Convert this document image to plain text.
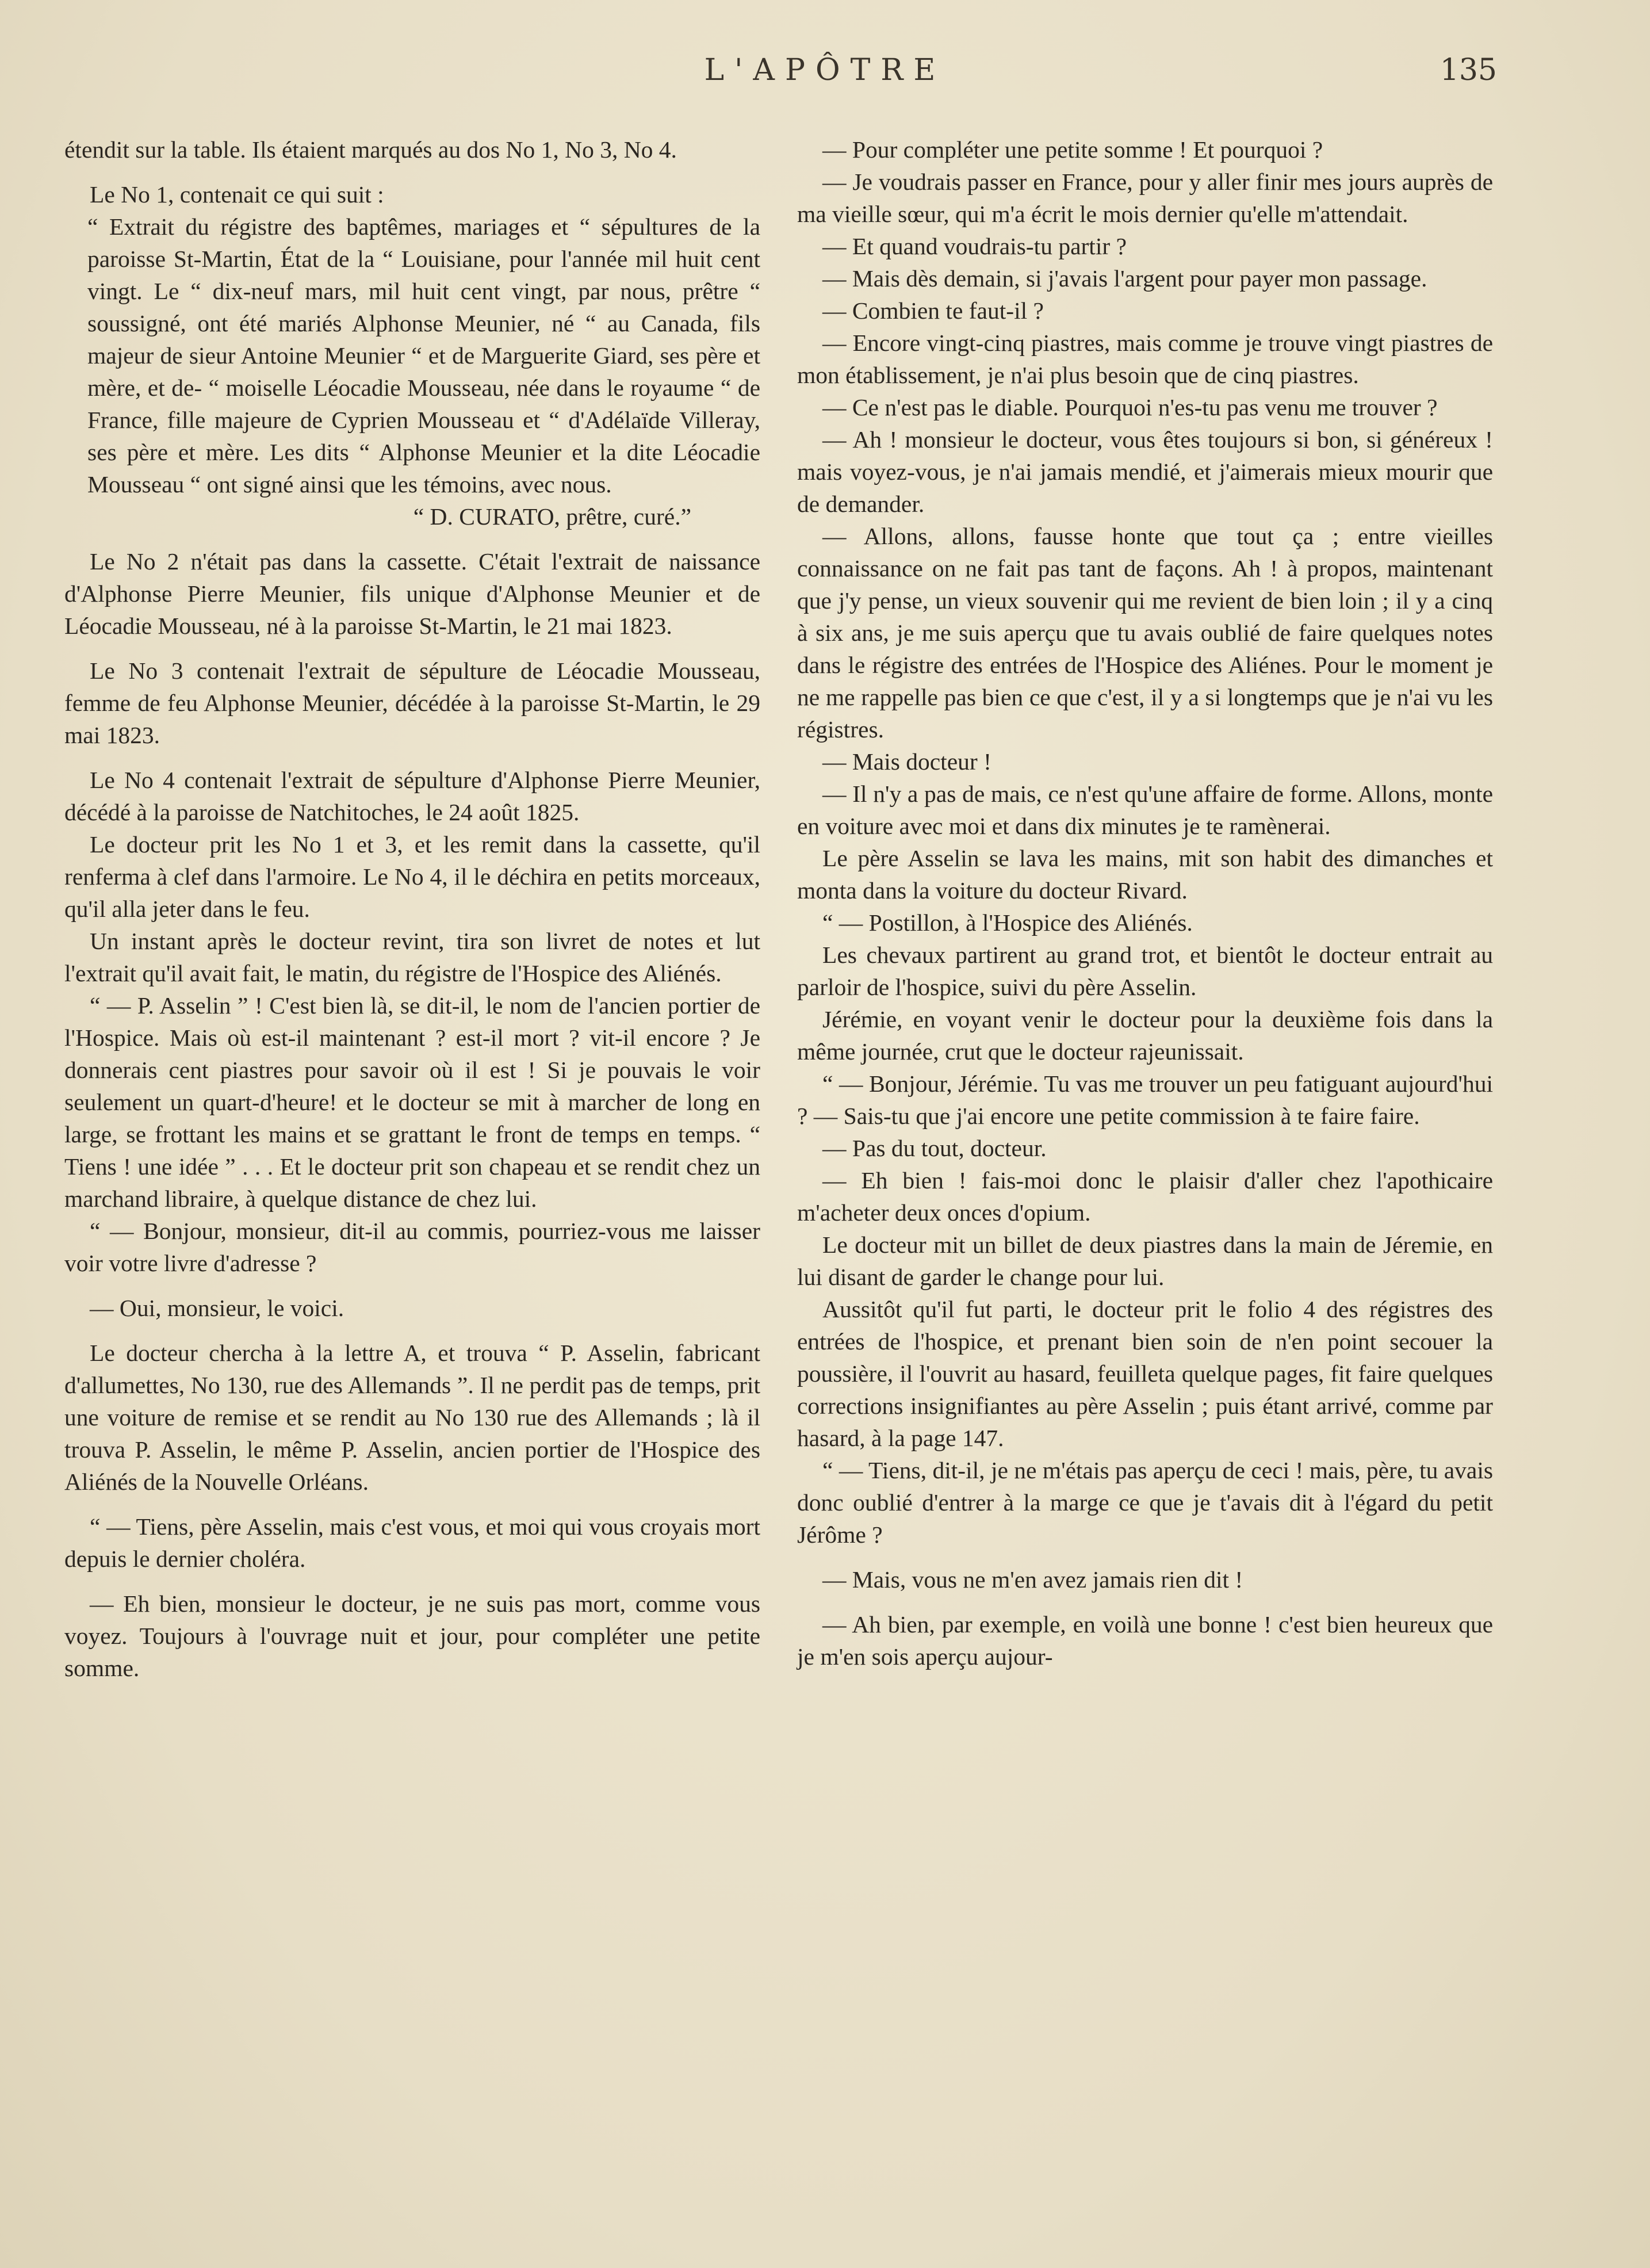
L'APÔTRE	135

étendit sur la table. Ils étaient marqués au dos No 1, No 3, No 4.

Le No 1, contenait ce qui suit :

“ Extrait du régistre des baptêmes, mariages et “ sépultures de la paroisse St-Martin, État de la “ Louisiane, pour l'année mil huit cent vingt. Le “ dix-neuf mars, mil huit cent vingt, par nous, prêtre “ soussigné, ont été mariés Alphonse Meunier, né “ au Canada, fils majeur de sieur Antoine Meunier “ et de Marguerite Giard, ses père et mère, et de- “ moiselle Léocadie Mousseau, née dans le royaume “ de France, fille majeure de Cyprien Mousseau et “ d'Adélaïde Villeray, ses père et mère. Les dits “ Alphonse Meunier et la dite Léocadie Mousseau “ ont signé ainsi que les témoins, avec nous.

“ D. CURATO, prêtre, curé.”

Le No 2 n'était pas dans la cassette. C'était l'extrait de naissance d'Alphonse Pierre Meunier, fils unique d'Alphonse Meunier et de Léocadie Mousseau, né à la paroisse St-Martin, le 21 mai 1823.

Le No 3 contenait l'extrait de sépulture de Léocadie Mousseau, femme de feu Alphonse Meunier, décédée à la paroisse St-Martin, le 29 mai 1823.

Le No 4 contenait l'extrait de sépulture d'Alphonse Pierre Meunier, décédé à la paroisse de Natchitoches, le 24 août 1825.

Le docteur prit les No 1 et 3, et les remit dans la cassette, qu'il renferma à clef dans l'armoire. Le No 4, il le déchira en petits morceaux, qu'il alla jeter dans le feu.

Un instant après le docteur revint, tira son livret de notes et lut l'extrait qu'il avait fait, le matin, du régistre de l'Hospice des Aliénés.

“ — P. Asselin ” ! C'est bien là, se dit-il, le nom de l'ancien portier de l'Hospice. Mais où est-il maintenant ? est-il mort ? vit-il encore ? Je donnerais cent piastres pour savoir où il est ! Si je pouvais le voir seulement un quart-d'heure! et le docteur se mit à marcher de long en large, se frottant les mains et se grattant le front de temps en temps. “ Tiens ! une idée ” . . . Et le docteur prit son chapeau et se rendit chez un marchand libraire, à quelque distance de chez lui.

“ — Bonjour, monsieur, dit-il au commis, pourriez-vous me laisser voir votre livre d'adresse ?

— Oui, monsieur, le voici.

Le docteur chercha à la lettre A, et trouva “ P. Asselin, fabricant d'allumettes, No 130, rue des Allemands ”. Il ne perdit pas de temps, prit une voiture de remise et se rendit au No 130 rue des Allemands ; là il trouva P. Asselin, le même P. Asselin, ancien portier de l'Hospice des Aliénés de la Nouvelle Orléans.

“ — Tiens, père Asselin, mais c'est vous, et moi qui vous croyais mort depuis le dernier choléra.

— Eh bien, monsieur le docteur, je ne suis pas mort, comme vous voyez. Toujours à l'ouvrage nuit et jour, pour compléter une petite somme.

— Pour compléter une petite somme ! Et pourquoi ?

— Je voudrais passer en France, pour y aller finir mes jours auprès de ma vieille sœur, qui m'a écrit le mois dernier qu'elle m'attendait.

— Et quand voudrais-tu partir ?

— Mais dès demain, si j'avais l'argent pour payer mon passage.

— Combien te faut-il ?

— Encore vingt-cinq piastres, mais comme je trouve vingt piastres de mon établissement, je n'ai plus besoin que de cinq piastres.

— Ce n'est pas le diable. Pourquoi n'es-tu pas venu me trouver ?

— Ah ! monsieur le docteur, vous êtes toujours si bon, si généreux ! mais voyez-vous, je n'ai jamais mendié, et j'aimerais mieux mourir que de demander.

— Allons, allons, fausse honte que tout ça ; entre vieilles connaissance on ne fait pas tant de façons. Ah ! à propos, maintenant que j'y pense, un vieux souvenir qui me revient de bien loin ; il y a cinq à six ans, je me suis aperçu que tu avais oublié de faire quelques notes dans le régistre des entrées de l'Hospice des Aliénes. Pour le moment je ne me rappelle pas bien ce que c'est, il y a si longtemps que je n'ai vu les régistres.

— Mais docteur !

— Il n'y a pas de mais, ce n'est qu'une affaire de forme. Allons, monte en voiture avec moi et dans dix minutes je te ramènerai.

Le père Asselin se lava les mains, mit son habit des dimanches et monta dans la voiture du docteur Rivard.

“ — Postillon, à l'Hospice des Aliénés.

Les chevaux partirent au grand trot, et bientôt le docteur entrait au parloir de l'hospice, suivi du père Asselin.

Jérémie, en voyant venir le docteur pour la deuxième fois dans la même journée, crut que le docteur rajeunissait.

“ — Bonjour, Jérémie. Tu vas me trouver un peu fatiguant aujourd'hui ? — Sais-tu que j'ai encore une petite commission à te faire faire.

— Pas du tout, docteur.

— Eh bien ! fais-moi donc le plaisir d'aller chez l'apothicaire m'acheter deux onces d'opium.

Le docteur mit un billet de deux piastres dans la main de Jéremie, en lui disant de garder le change pour lui.

Aussitôt qu'il fut parti, le docteur prit le folio 4 des régistres des entrées de l'hospice, et prenant bien soin de n'en point secouer la poussière, il l'ouvrit au hasard, feuilleta quelque pages, fit faire quelques corrections insignifiantes au père Asselin ; puis étant arrivé, comme par hasard, à la page 147.

“ — Tiens, dit-il, je ne m'étais pas aperçu de ceci ! mais, père, tu avais donc oublié d'entrer à la marge ce que je t'avais dit à l'égard du petit Jérôme ?

— Mais, vous ne m'en avez jamais rien dit !

— Ah bien, par exemple, en voilà une bonne ! c'est bien heureux que je m'en sois aperçu aujour-
